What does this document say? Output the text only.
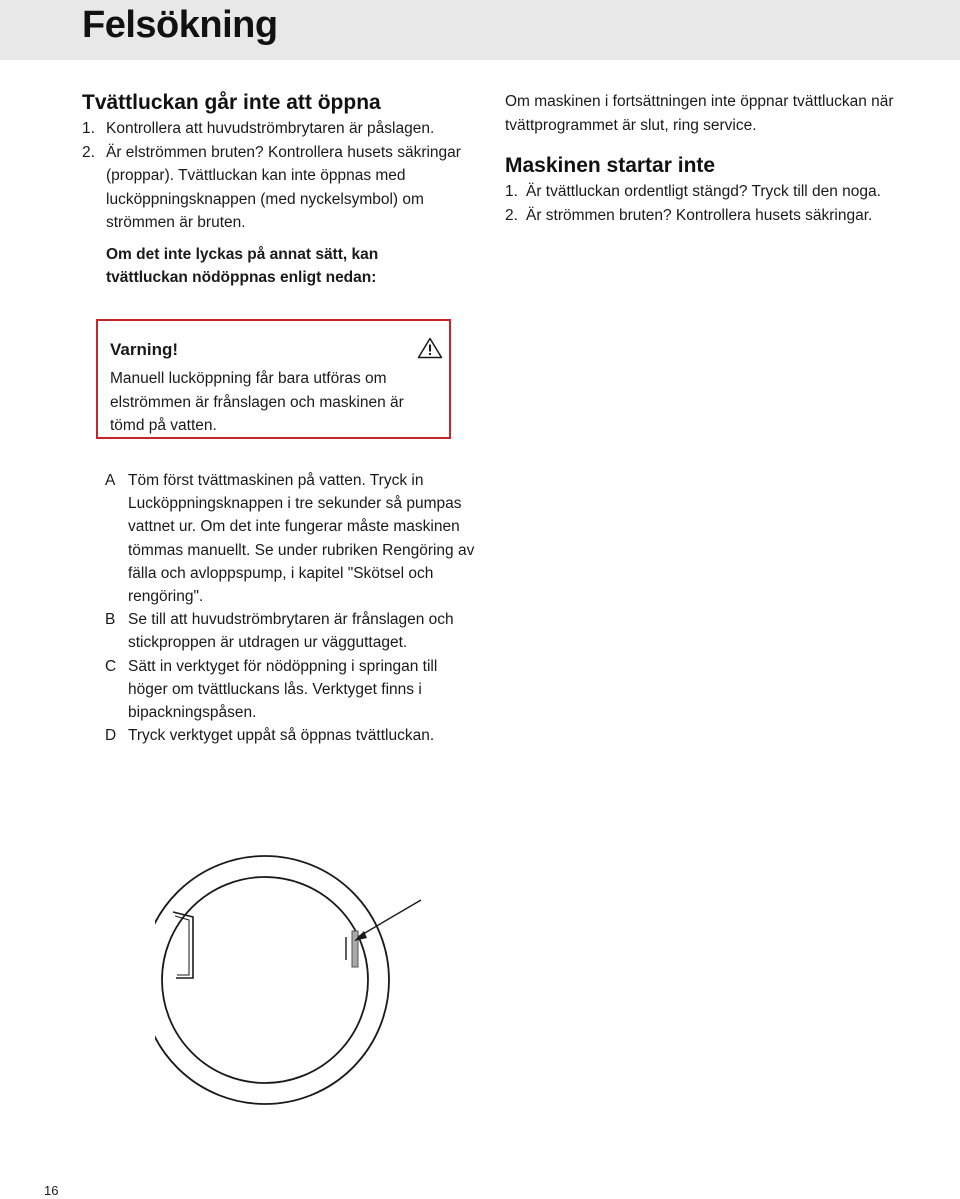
Felsökning
Tvättluckan går inte att öppna
1. Kontrollera att huvudströmbrytaren är påslagen.
2. Är elströmmen bruten? Kontrollera husets säkringar (proppar). Tvättluckan kan inte öppnas med lucköppningsknappen (med nyckelsymbol) om strömmen är bruten.

Om det inte lyckas på annat sätt, kan tvättluckan nödöppnas enligt nedan:

Om maskinen i fortsättningen inte öppnar tvättluckan när tvättprogrammet är slut, ring service.

Maskinen startar inte
1. Är tvättluckan ordentligt stängd? Tryck till den noga.
2. Är strömmen bruten? Kontrollera husets säkringar.

Varning!

Manuell lucköppning får bara utföras om elströmmen är frånslagen och maskinen är tömd på vatten.

A Töm först tvättmaskinen på vatten. Tryck in Lucköppningsknappen i tre sekunder så pumpas vattnet ur. Om det inte fungerar måste maskinen tömmas manuellt. Se under rubriken Rengöring av fälla och avloppspump, i kapitel "Skötsel och rengöring".
B Se till att huvudströmbrytaren är frånslagen och stickproppen är utdragen ur vägguttaget.
C Sätt in verktyget för nödöppning i springan till höger om tvättluckans lås. Verktyget finns i bipackningspåsen.
D Tryck verktyget uppåt så öppnas tvättluckan.
16
